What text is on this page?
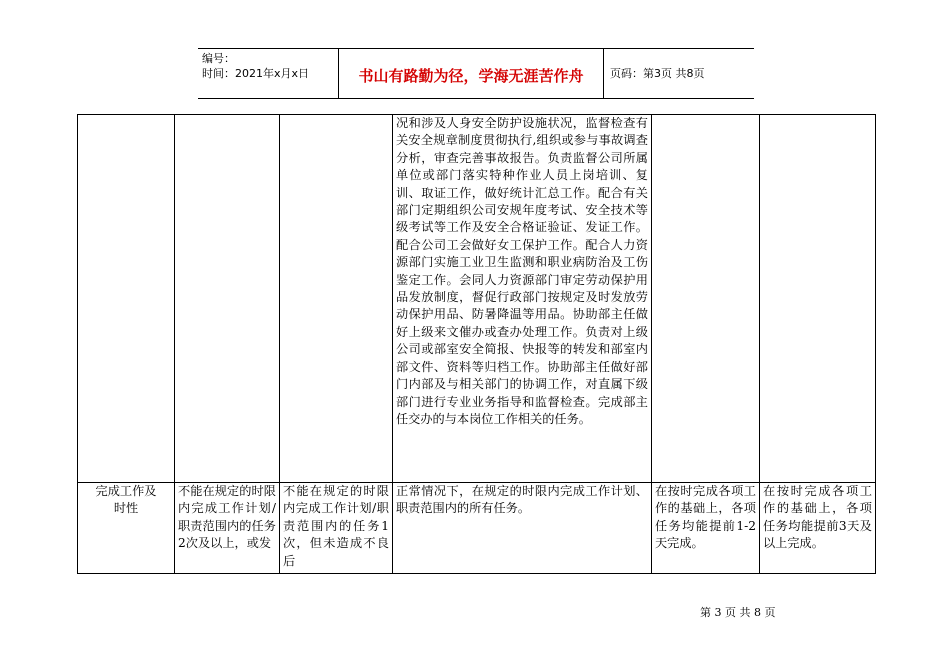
编号：
时间：2021年x月x日	书山有路勤为径，学海无涯苦作舟	页码：第3页 共8页
			况和涉及人身安全防护设施状况，监督检查有关安全规章制度贯彻执行,组织或参与事故调查分析，审查完善事故报告。负责监督公司所属单位或部门落实特种作业人员上岗培训、复训、取证工作，做好统计汇总工作。配合有关部门定期组织公司安规年度考试、安全技术等级考试等工作及安全合格证验证、发证工作。配合公司工会做好女工保护工作。配合人力资源部门实施工业卫生监测和职业病防治及工伤鉴定工作。会同人力资源部门审定劳动保护用品发放制度，督促行政部门按规定及时发放劳动保护用品、防暑降温等用品。协助部主任做好上级来文催办或查办处理工作。负责对上级公司或部室安全简报、快报等的转发和部室内部文件、资料等归档工作。协助部主任做好部门内部及与相关部门的协调工作，对直属下级部门进行专业业务指导和监督检查。完成部主任交办的与本岗位工作相关的任务。		
完成工作及时性	不能在规定的时限内完成工作计划/职责范围内的任务2次及以上，或发	不能在规定的时限内完成工作计划/职责范围内的任务1次，但未造成不良后	正常情况下，在规定的时限内完成工作计划、职责范围内的所有任务。	在按时完成各项工作的基础上，各项任务均能提前1-2天完成。	在按时完成各项工作的基础上，各项任务均能提前3天及以上完成。
第 3 页 共 8 页
